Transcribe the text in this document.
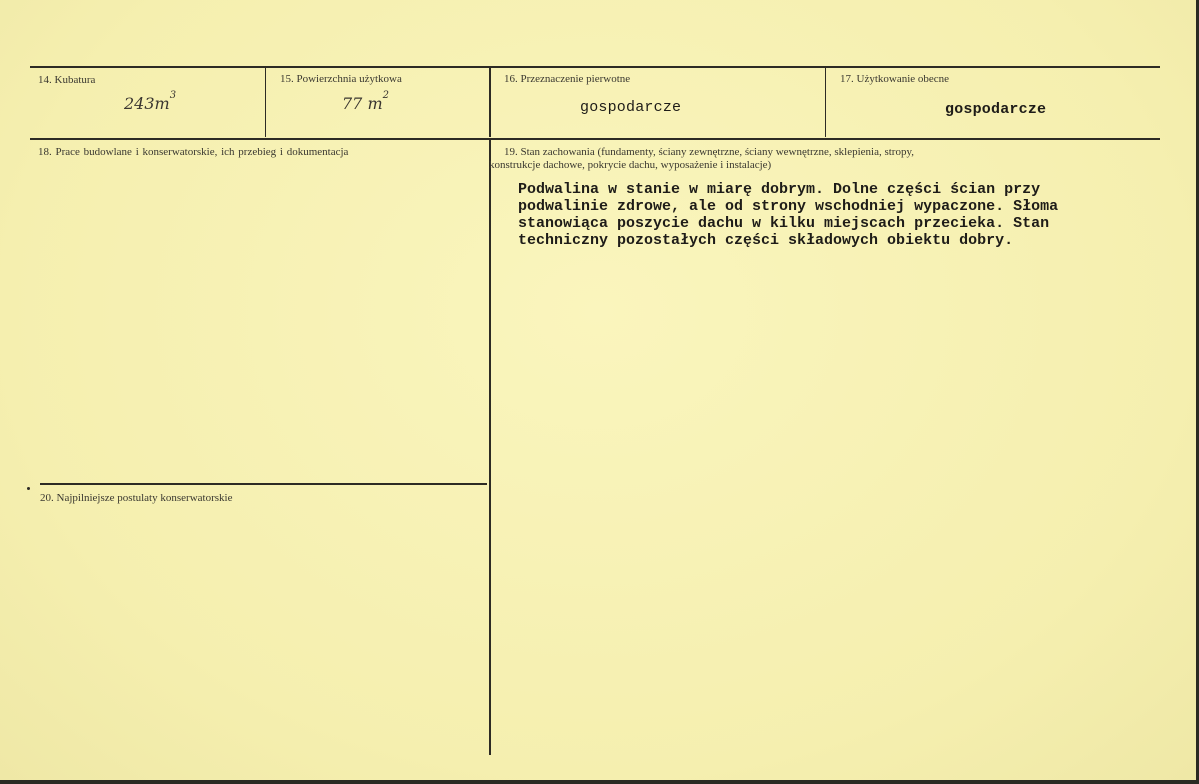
14. Kubatura
$243m^3$
15. Powierzchnia użytkowa
77 $m^2$
16. Przeznaczenie pierwotne
gospodarcze
17. Użytkowanie obecne
gospodarcze
18. Prace budowlane i konserwatorskie, ich przebieg i dokumentacja	19. Stan zachowania (fundamenty, ściany zewnętrzne, ściany wewnętrzne, sklepienia, stropy,
konstrukcje dachowe, pokrycie dachu, wyposażenie i instalacje)
Podwalina w stanie w miarę dobrym. Dolne części ścian przy
podwalinie zdrowe, ale od strony wschodniej wypaczone. Słoma
stanowiąca poszycie dachu w kilku miejscach przecieka. Stan
techniczny pozostałych części składowych obiektu dobry.
20. Najpilniejsze postulaty konserwatorskie
